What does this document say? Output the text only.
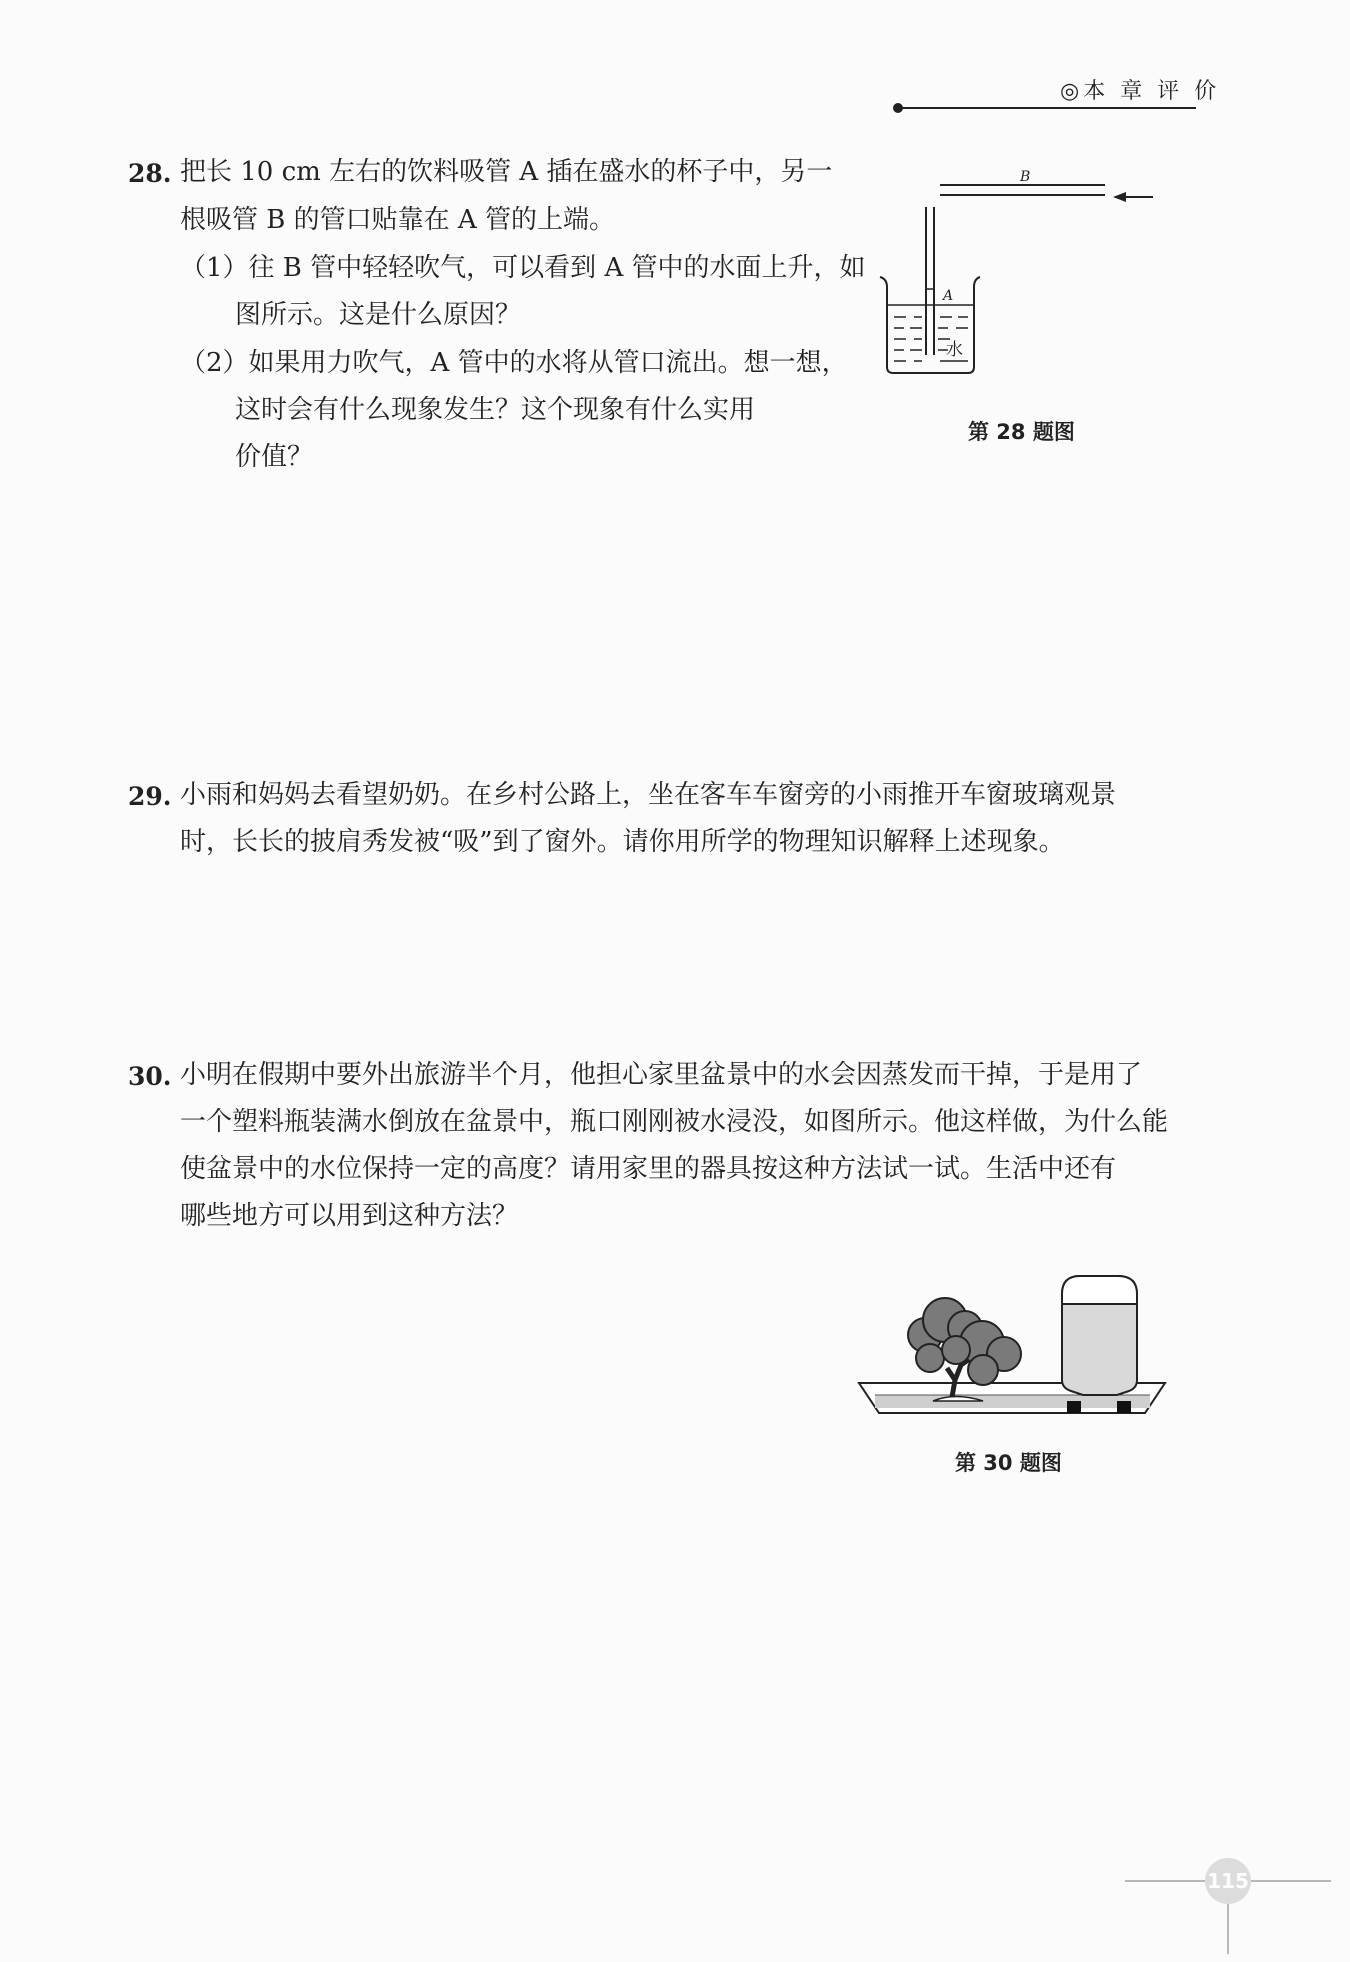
◎本 章 评 价
28. 把长 10 cm 左右的饮料吸管 A 插在盛水的杯子中，另一
根吸管 B 的管口贴靠在 A 管的上端。
（1）往 B 管中轻轻吹气，可以看到 A 管中的水面上升，如
图所示。这是什么原因？
（2）如果用力吹气，A 管中的水将从管口流出。想一想，
这时会有什么现象发生？这个现象有什么实用
价值？
B
A
水
第 28 题图
29. 小雨和妈妈去看望奶奶。在乡村公路上，坐在客车车窗旁的小雨推开车窗玻璃观景
时，长长的披肩秀发被“吸”到了窗外。请你用所学的物理知识解释上述现象。
30. 小明在假期中要外出旅游半个月，他担心家里盆景中的水会因蒸发而干掉，于是用了
一个塑料瓶装满水倒放在盆景中，瓶口刚刚被水浸没，如图所示。他这样做，为什么能
使盆景中的水位保持一定的高度？请用家里的器具按这种方法试一试。生活中还有
哪些地方可以用到这种方法？
第 30 题图
115
